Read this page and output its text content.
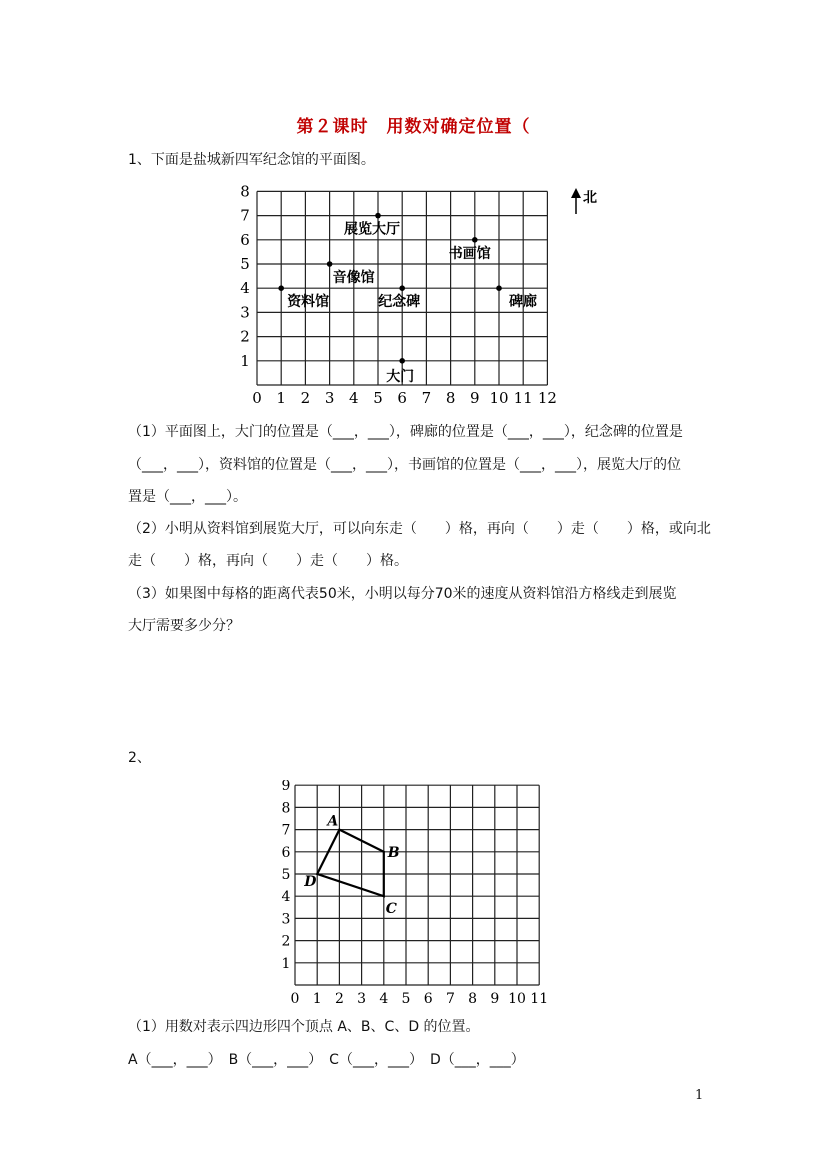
第２课时　用数对确定位置（
1、下面是盐城新四军纪念馆的平面图。
0 1 2 3 4 5 6 7 8 9 10 11 12
1
2
3
4
5
6
7
8
展览大厅
书画馆
音像馆
资料馆	纪念碑	碑廊
大门
北
（1）平面图上，大门的位置是（___，___），碑廊的位置是（___，___），纪念碑的位置是
（___，___），资料馆的位置是（___，___），书画馆的位置是（___，___），展览大厅的位
置是（___，___）。
（2）小明从资料馆到展览大厅，可以向东走（　　）格，再向（　　）走（　　）格，或向北
走（　　）格，再向（　　）走（　　）格。
（3）如果图中每格的距离代表50米，小明以每分70米的速度从资料馆沿方格线走到展览
大厅需要多少分？
2、
0 1 2 3 4 5 6 7 8 9 10 11
1
2
3
4
5
6
7
8
9
A
B
C
D
（1）用数对表示四边形四个顶点 A、B、C、D 的位置。
A（___，___）　B（___，___）　C（___，___）　D（___，___）
1
